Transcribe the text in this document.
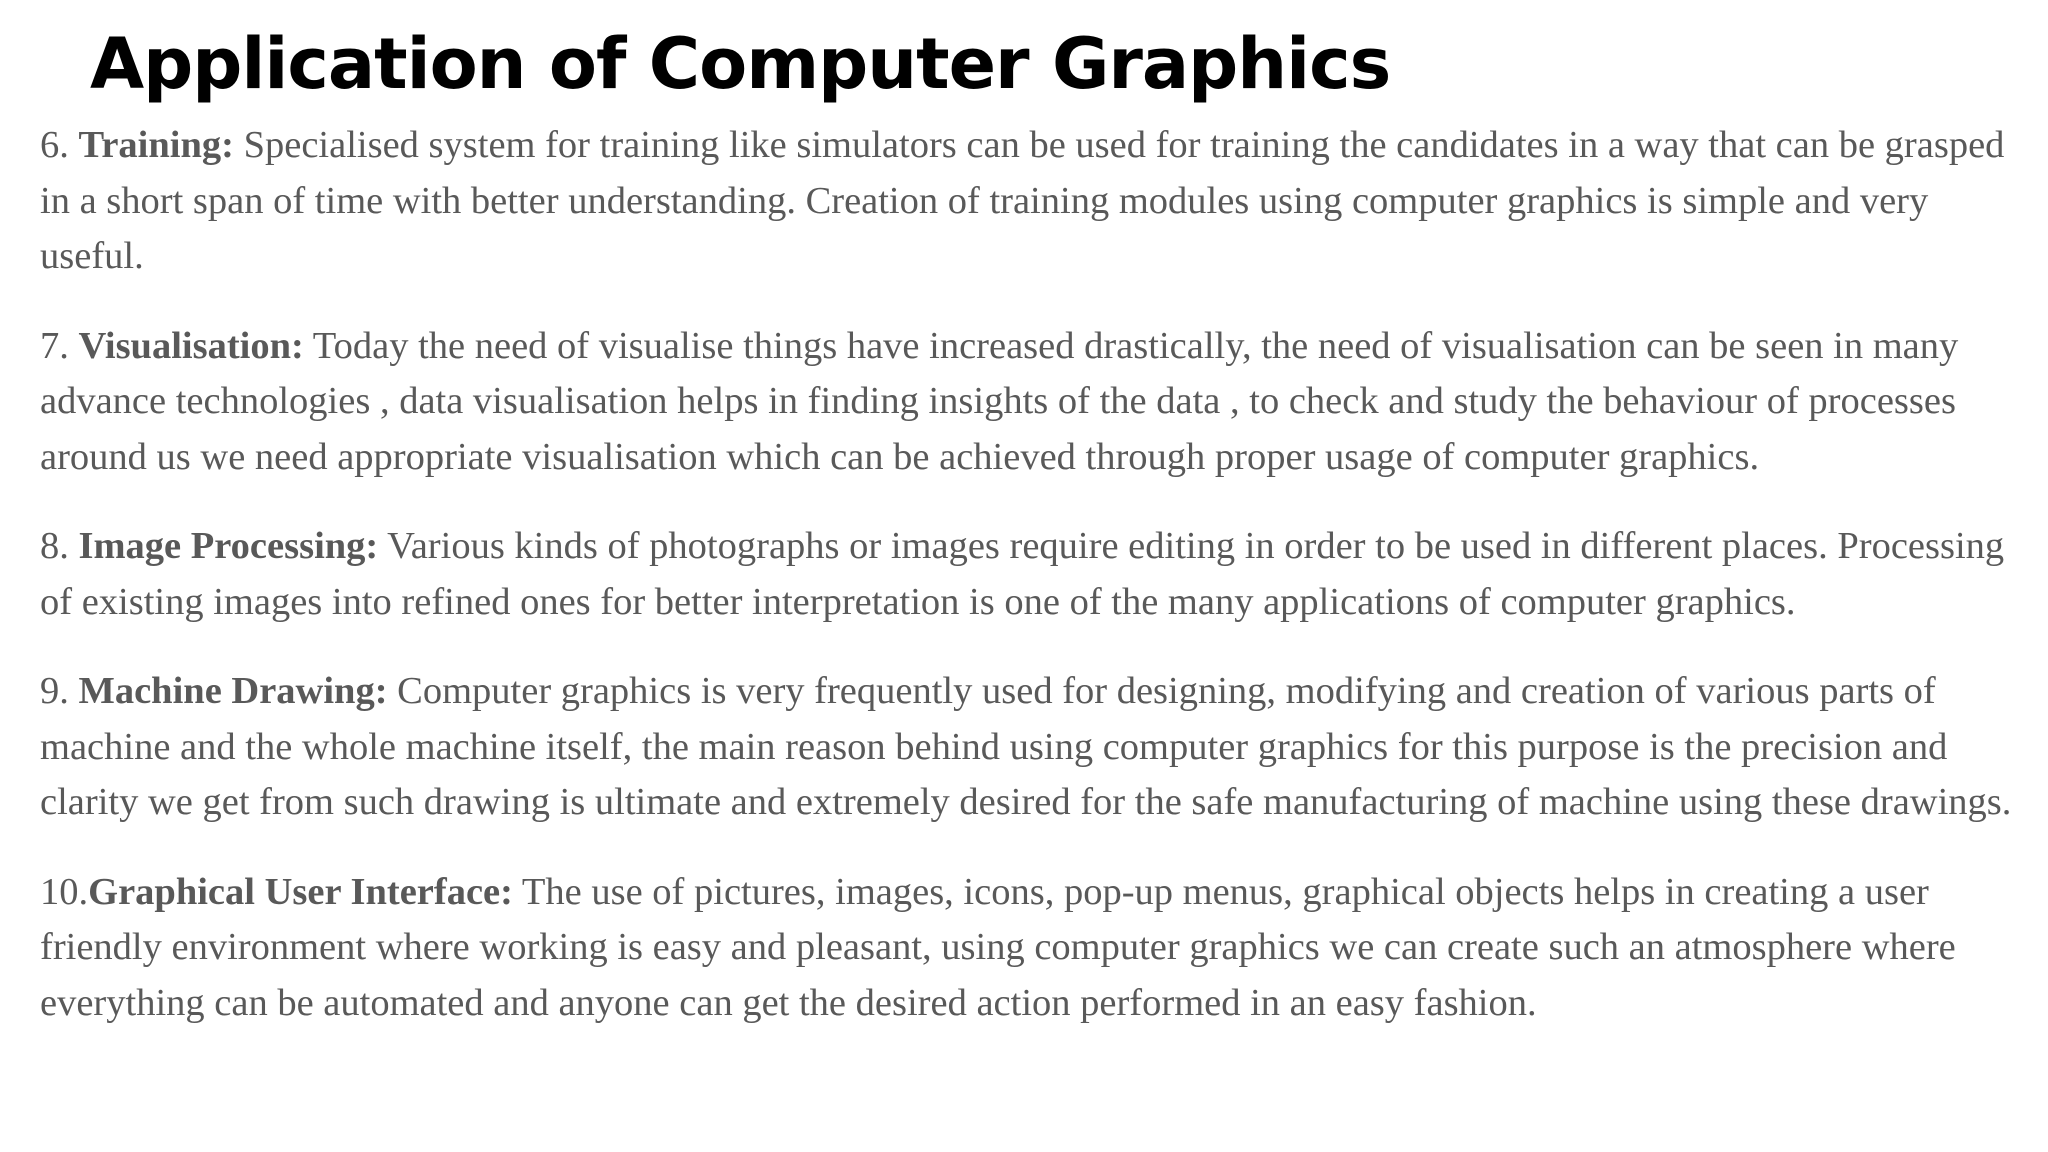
Application of Computer Graphics

6. Training: Specialised system for training like simulators can be used for training the candidates in a way that can be grasped in a short span of time with better understanding. Creation of training modules using computer graphics is simple and very useful.

7. Visualisation: Today the need of visualise things have increased drastically, the need of visualisation can be seen in many advance technologies , data visualisation helps in finding insights of the data , to check and study the behaviour of processes around us we need appropriate visualisation which can be achieved through proper usage of computer graphics.

8. Image Processing: Various kinds of photographs or images require editing in order to be used in different places. Processing of existing images into refined ones for better interpretation is one of the many applications of computer graphics.

9. Machine Drawing: Computer graphics is very frequently used for designing, modifying and creation of various parts of machine and the whole machine itself, the main reason behind using computer graphics for this purpose is the precision and clarity we get from such drawing is ultimate and extremely desired for the safe manufacturing of machine using these drawings.

10.Graphical User Interface: The use of pictures, images, icons, pop-up menus, graphical objects helps in creating a user friendly environment where working is easy and pleasant, using computer graphics we can create such an atmosphere where everything can be automated and anyone can get the desired action performed in an easy fashion.
